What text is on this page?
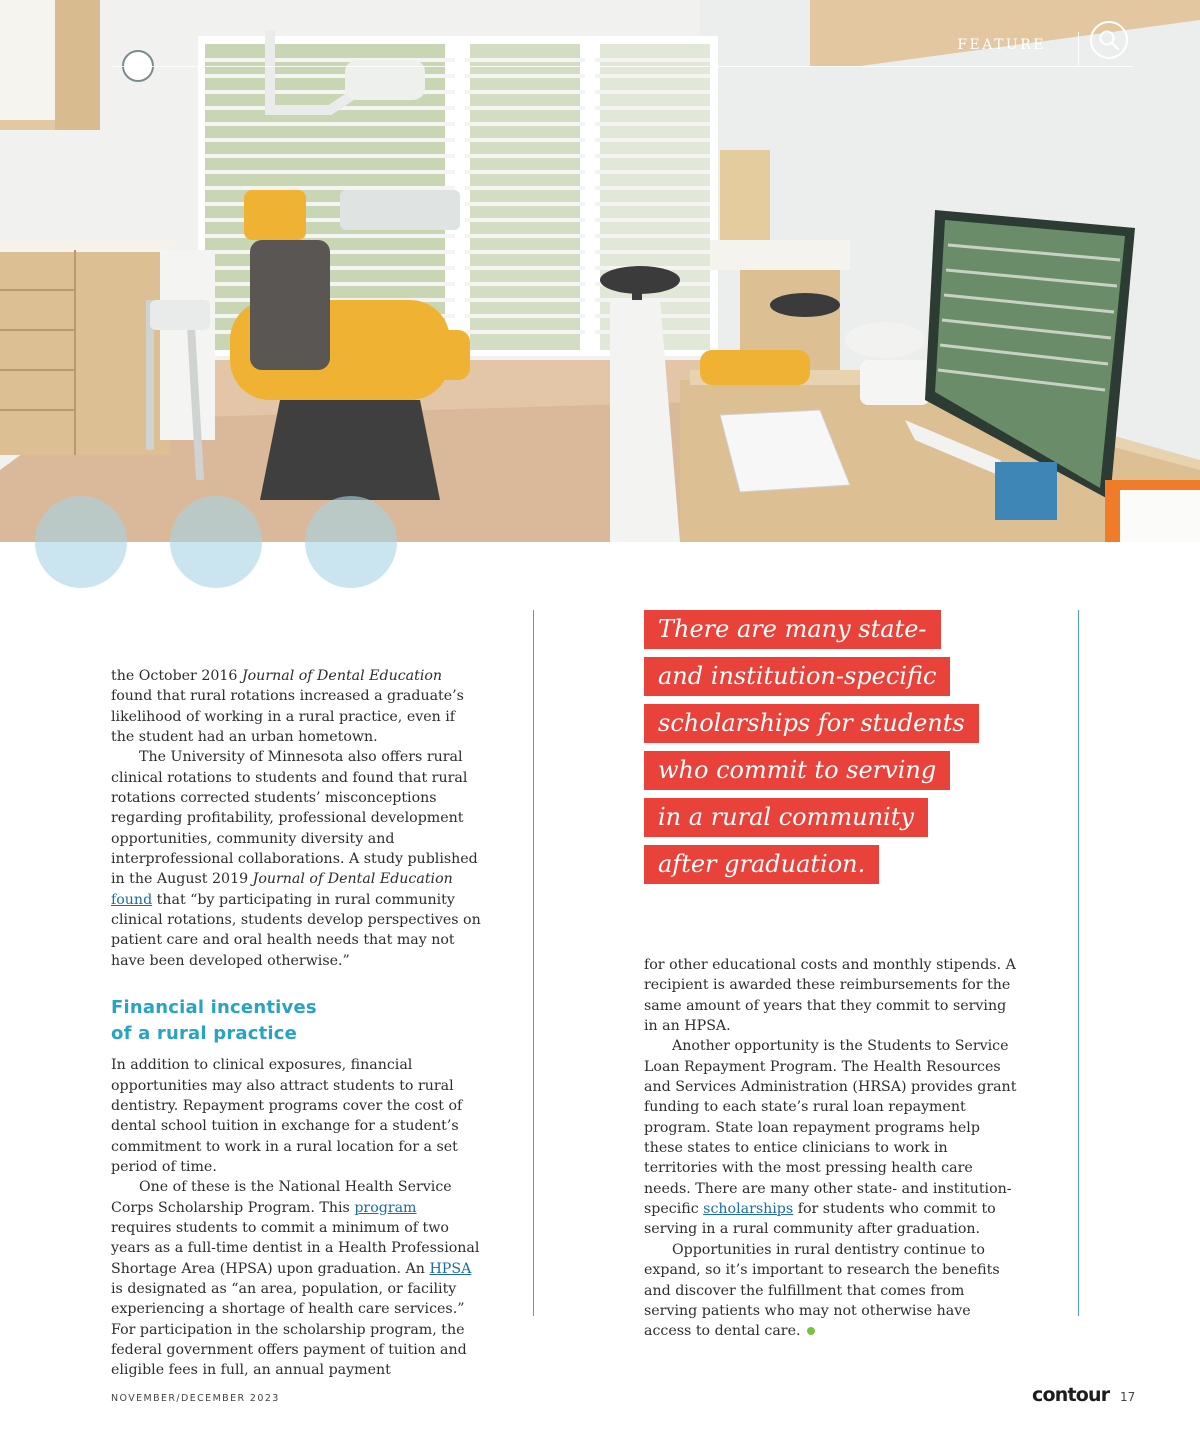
FEATURE

the October 2016 Journal of Dental Education found that rural rotations increased a graduate’s likelihood of working in a rural practice, even if the student had an urban hometown.

The University of Minnesota also offers rural clinical rotations to students and found that rural rotations corrected students’ misconceptions regarding profitability, professional development opportunities, community diversity and interprofessional collaborations. A study published in the August 2019 Journal of Dental Education found that “by participating in rural community clinical rotations, students develop perspectives on patient care and oral health needs that may not have been developed otherwise.”

Financial incentives
of a rural practice

In addition to clinical exposures, financial opportunities may also attract students to rural dentistry. Repayment programs cover the cost of dental school tuition in exchange for a student’s commitment to work in a rural location for a set period of time.

One of these is the National Health Service Corps Scholarship Program. This program requires students to commit a minimum of two years as a full-time dentist in a Health Professional Shortage Area (HPSA) upon graduation. An HPSA is designated as “an area, population, or facility experiencing a shortage of health care services.” For participation in the scholarship program, the federal government offers payment of tuition and eligible fees in full, an annual payment

There are many state-
and institution-specific
scholarships for students
who commit to serving
in a rural community
after graduation.

for other educational costs and monthly stipends. A recipient is awarded these reimbursements for the same amount of years that they commit to serving in an HPSA.

Another opportunity is the Students to Service Loan Repayment Program. The Health Resources and Services Administration (HRSA) provides grant funding to each state’s rural loan repayment program. State loan repayment programs help these states to entice clinicians to work in territories with the most pressing health care needs. There are many other state- and institution-specific scholarships for students who commit to serving in a rural community after graduation.

Opportunities in rural dentistry continue to expand, so it’s important to research the benefits and discover the fulfillment that comes from serving patients who may not otherwise have access to dental care.

NOVEMBER/DECEMBER 2023	contour 17
